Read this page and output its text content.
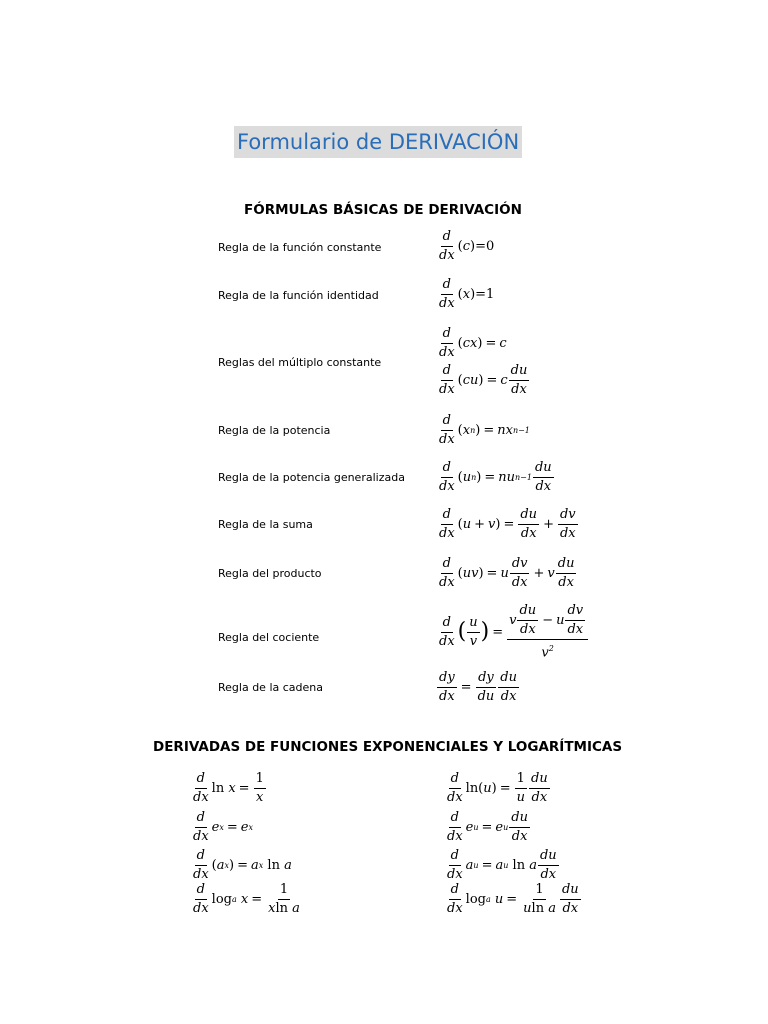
Formulario de DERIVACIÓN
FÓRMULAS BÁSICAS DE DERIVACIÓN
Regla de la función constante
Regla de la función identidad
Reglas del múltiplo constante
Regla de la potencia
Regla de la potencia generalizada
Regla de la suma
Regla del producto
Regla del cociente
Regla de la cadena
d
dx
( c )=0
d
dx
( x )=1
d
dx
( cx ) = c
d
dx
( cu ) = c $\frac{du}{dx}$
d
dx
( x n ) = nx n−1
d
dx
( u n ) = nu n−1
du
dx
d
dx
( u + v ) = $\frac{du}{dx} + \frac{dv}{dx}$
d
dx
( uv ) = u $\frac{dv}{dx} + v \frac{du}{dx}$
d
dx ( u
v ) =
v $\frac{du}{dx} - u \frac{dv}{dx}$
$v^2$
$\frac{dy}{dx} = \frac{dy}{du}$ du
dx
DERIVADAS DE FUNCIONES EXPONENCIALES Y LOGARÍTMICAS
d
dx
$\ln x = \frac{1}{x}$
d
dx
e x = e x
d
dx
( a x ) = a x
ln a
d
dx
log a $x = \frac{1}{\text{xln a}}$
d
dx
ln( u ) = $\frac{1}{u}$ du
dx
d
dx
e u = e u
du
dx
d
dx
a u = a u
ln a
du
dx
d
dx
log a $u = \frac{1}{\text{uln a}}$ du
dx
